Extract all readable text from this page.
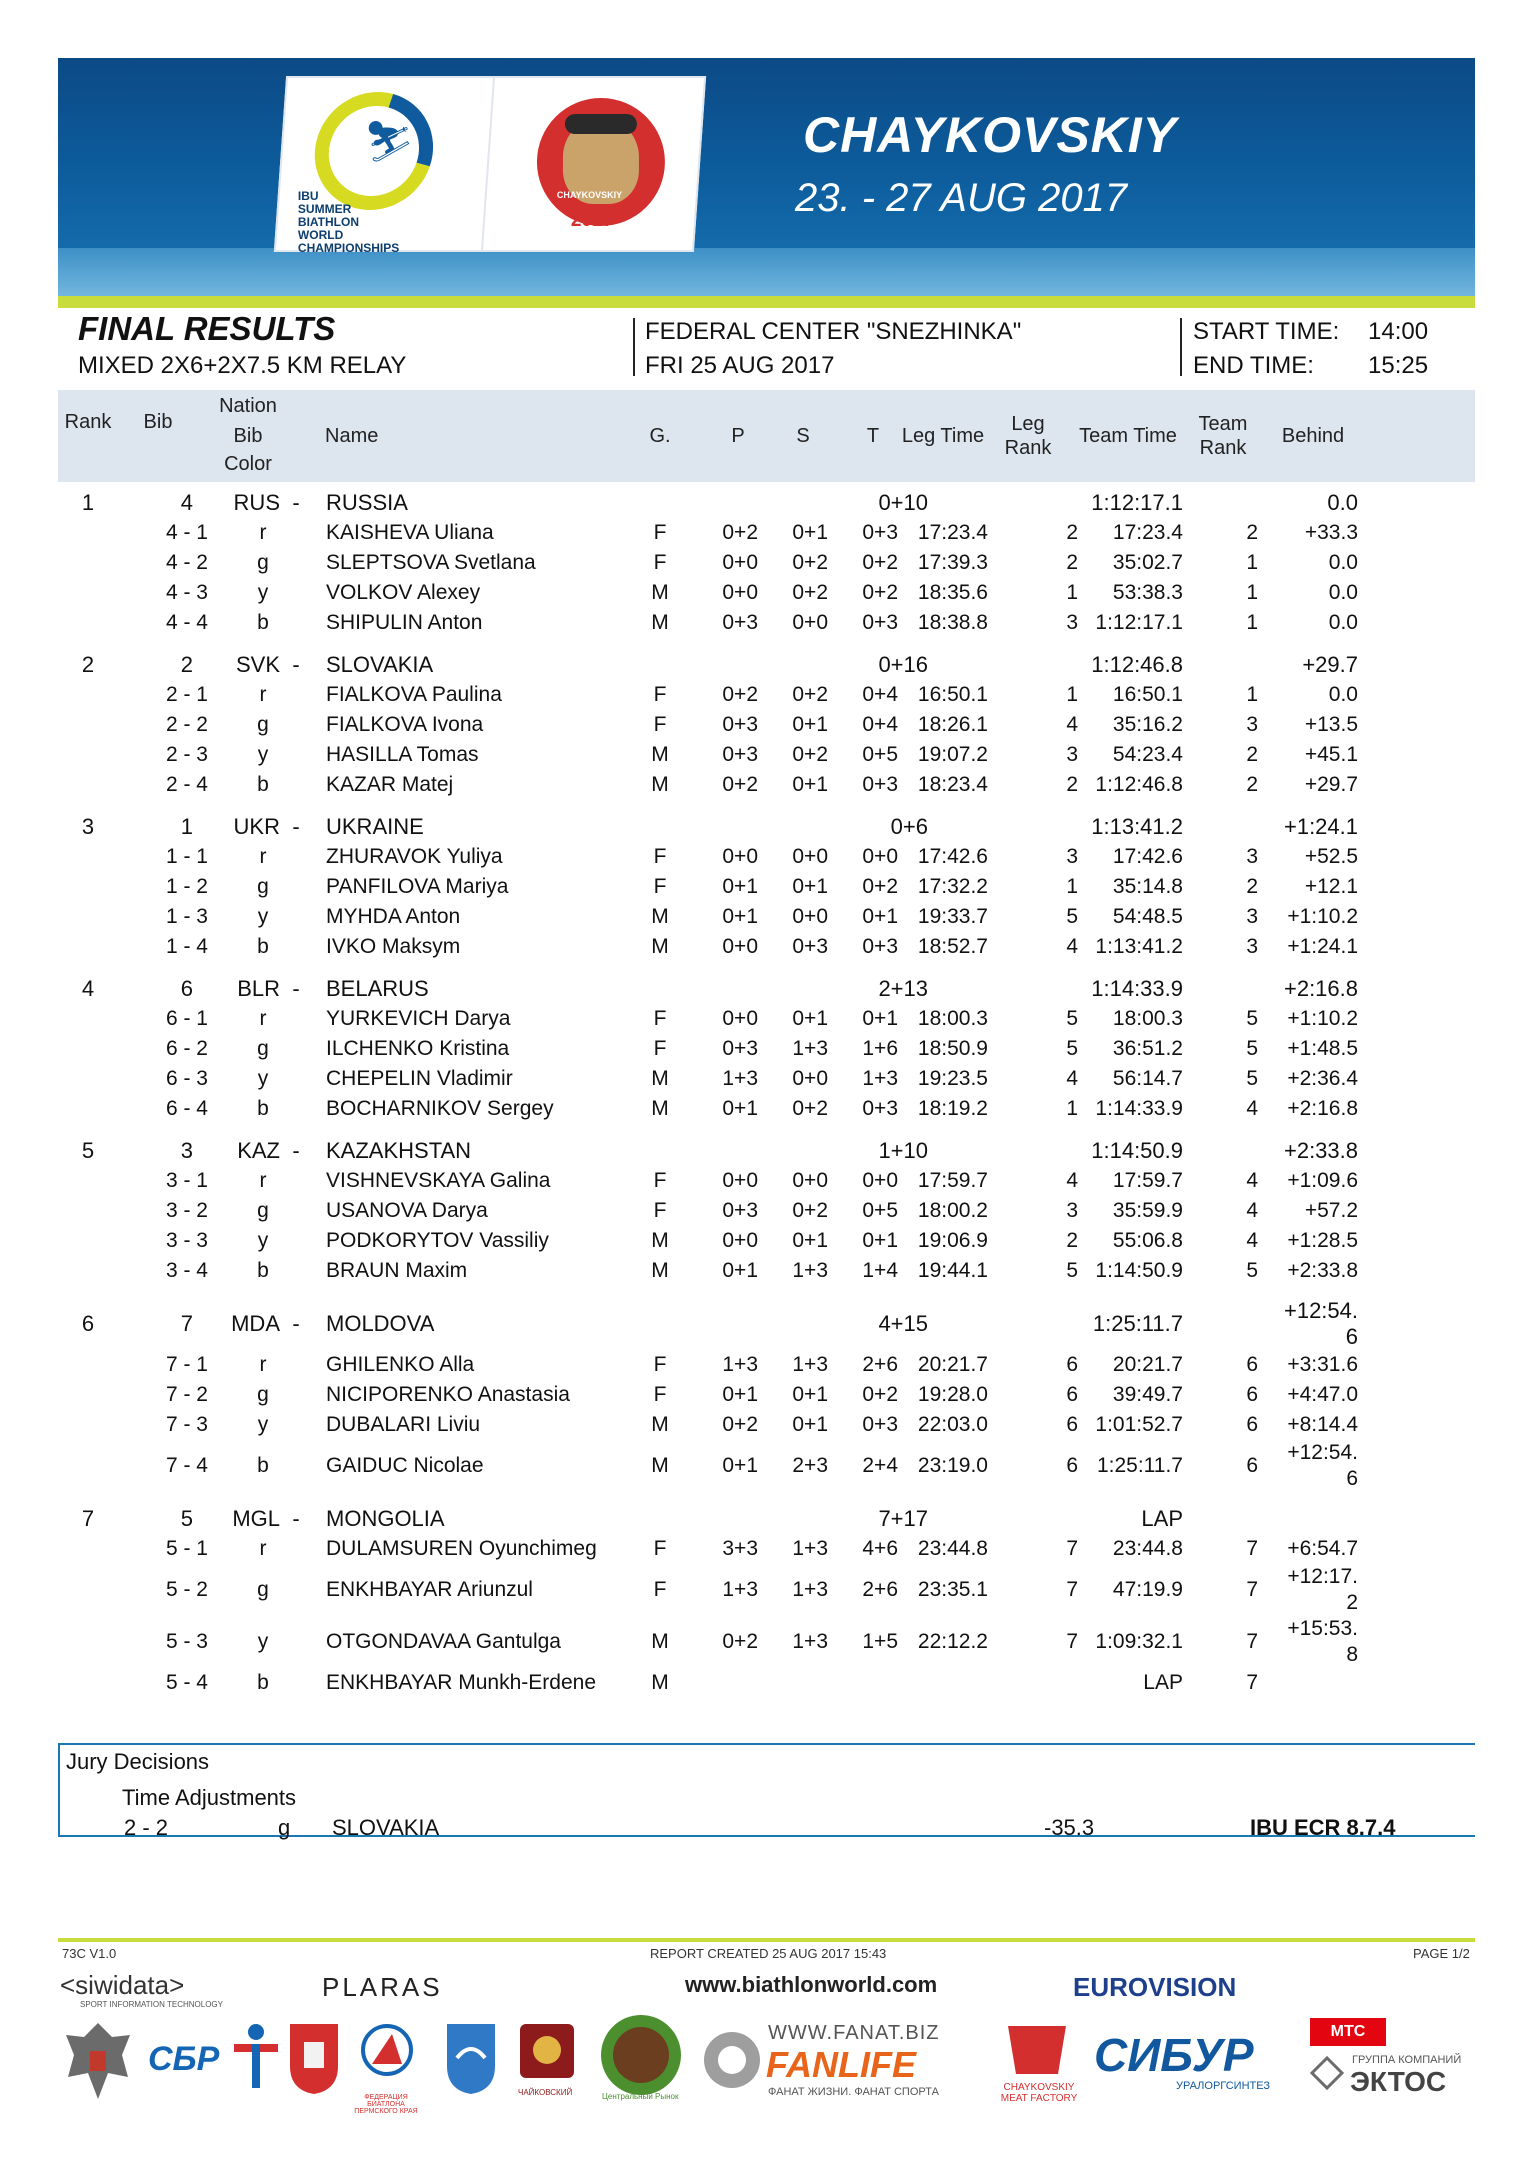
⛷
IBU
SUMMER
BIATHLON
WORLD
CHAMPIONSHIPS
CHAYKOVSKIY
2017
CHAYKOVSKIY
23. - 27 AUG 2017
FINAL RESULTS
MIXED 2X6+2X7.5 KM RELAY
FEDERAL CENTER "SNEZHINKA"
FRI 25 AUG 2017
START TIME: 14:00
END TIME: 15:25
Rank	Bib
Nation
Bib
Color
Name	G.	P	S	T	Leg Time
Leg
Rank
Team Time
Team
Rank
Behind
1	4	RUS - RUSSIA	0+10	1:12:17.1	0.0
4 - 1	r	KAISHEVA Uliana	F	0+2	0+1	0+3 17:23.4	2	17:23.4	2	+33.3
4 - 2	g	SLEPTSOVA Svetlana	F	0+0	0+2	0+2 17:39.3	2	35:02.7	1	0.0
4 - 3	y	VOLKOV Alexey	M	0+0	0+2	0+2 18:35.6	1	53:38.3	1	0.0
4 - 4	b	SHIPULIN Anton	M	0+3	0+0	0+3 18:38.8	3 1:12:17.1	1	0.0
2	2	SVK - SLOVAKIA	0+16	1:12:46.8	+29.7
2 - 1	r	FIALKOVA Paulina	F	0+2	0+2	0+4 16:50.1	1	16:50.1	1	0.0
2 - 2	g	FIALKOVA Ivona	F	0+3	0+1	0+4 18:26.1	4	35:16.2	3	+13.5
2 - 3	y	HASILLA Tomas	M	0+3	0+2	0+5 19:07.2	3	54:23.4	2	+45.1
2 - 4	b	KAZAR Matej	M	0+2	0+1	0+3 18:23.4	2 1:12:46.8	2	+29.7
3	1	UKR - UKRAINE	0+6	1:13:41.2	+1:24.1
1 - 1	r	ZHURAVOK Yuliya	F	0+0	0+0	0+0 17:42.6	3	17:42.6	3	+52.5
1 - 2	g	PANFILOVA Mariya	F	0+1	0+1	0+2 17:32.2	1	35:14.8	2	+12.1
1 - 3	y	MYHDA Anton	M	0+1	0+0	0+1 19:33.7	5	54:48.5	3	+1:10.2
1 - 4	b	IVKO Maksym	M	0+0	0+3	0+3 18:52.7	4 1:13:41.2	3	+1:24.1
4	6	BLR - BELARUS	2+13	1:14:33.9	+2:16.8
6 - 1	r	YURKEVICH Darya	F	0+0	0+1	0+1 18:00.3	5	18:00.3	5	+1:10.2
6 - 2	g	ILCHENKO Kristina	F	0+3	1+3	1+6 18:50.9	5	36:51.2	5	+1:48.5
6 - 3	y	CHEPELIN Vladimir	M	1+3	0+0	1+3 19:23.5	4	56:14.7	5	+2:36.4
6 - 4	b	BOCHARNIKOV Sergey	M	0+1	0+2	0+3 18:19.2	1 1:14:33.9	4	+2:16.8
5	3	KAZ - KAZAKHSTAN	1+10	1:14:50.9	+2:33.8
3 - 1	r	VISHNEVSKAYA Galina	F	0+0	0+0	0+0 17:59.7	4	17:59.7	4	+1:09.6
3 - 2	g	USANOVA Darya	F	0+3	0+2	0+5 18:00.2	3	35:59.9	4	+57.2
3 - 3	y	PODKORYTOV Vassiliy	M	0+0	0+1	0+1 19:06.9	2	55:06.8	4	+1:28.5
3 - 4	b	BRAUN Maxim	M	0+1	1+3	1+4 19:44.1	5 1:14:50.9	5	+2:33.8
6	7 MDA - MOLDOVA	4+15	1:25:11.7
+12:54.6
7 - 1	r	GHILENKO Alla	F	1+3	1+3	2+6 20:21.7	6	20:21.7	6	+3:31.6
7 - 2	g	NICIPORENKO Anastasia	F	0+1	0+1	0+2 19:28.0	6	39:49.7	6	+4:47.0
7 - 3	y	DUBALARI Liviu	M	0+2	0+1	0+3 22:03.0	6 1:01:52.7	6	+8:14.4
7 - 4	b	GAIDUC Nicolae	M	0+1	2+3	2+4 23:19.0	6 1:25:11.7	6
+12:54.6
7	5 MGL - MONGOLIA	7+17	LAP
5 - 1	r	DULAMSUREN Oyunchimeg	F	3+3	1+3	4+6 23:44.8	7	23:44.8	7	+6:54.7
5 - 2	g	ENKHBAYAR Ariunzul	F	1+3	1+3	2+6 23:35.1	7	47:19.9	7
+12:17.2
5 - 3	y	OTGONDAVAA Gantulga	M	0+2	1+3	1+5 22:12.2	7 1:09:32.1	7
+15:53.8
5 - 4	b	ENKHBAYAR Munkh-Erdene	M	LAP	7
Jury Decisions
Time Adjustments
2 - 2	g SLOVAKIA	-35.3	IBU ECR 8.7.4
73C V1.0	REPORT CREATED 25 AUG 2017 15:43	PAGE 1/2
<siwidata>
SPORT INFORMATION TECHNOLOGY
PLARAS	www.biathlonworld.com	EUROVISION
СБР
ФЕДЕРАЦИЯ БИАТЛОНА ПЕРМСКОГО КРАЯ
ЧАЙКОВСКИЙ	Центральный Рынок
WWW.FANAT.BIZ
FANLIFE
ФАНАТ ЖИЗНИ. ФАНАТ СПОРТА	CHAYKOVSKIY MEAT FACTORY
СИБУР
УРАЛОРГСИНТЕЗ
МТС
ГРУППА КОМПАНИЙ
ЭКТОС
